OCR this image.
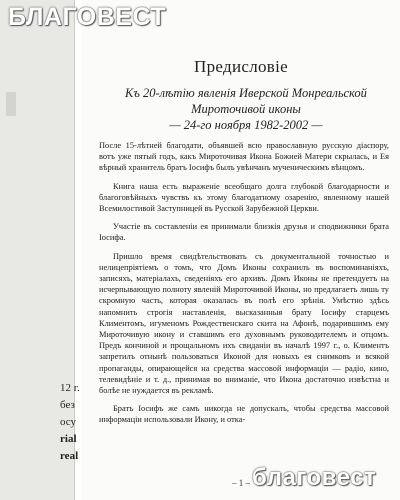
12 г.
без
осу
rial
real
Предисловіе
Къ 20-лѣтію явленія Иверской Монреальской
Мироточивой иконы
— 24-го ноября 1982-2002 —

После 15-лѣтней благодати, объявшей всю православную русскую діаспору, вотъ уже пятый годъ, какъ Мироточивая Икона Божией Матери скрылась, и Ея вѣрный хранитель братъ Іосифъ былъ увѣнчанъ мученическимъ вѣнцомъ.

Книга наша есть выраженіе всеобщаго долга глубокой благодарности и благоговѣйныхъ чувствъ къ этому благодатному озаренію, явленному нашей Всемилостивой Заступницей въ Русской Зарубежной Церкви.

Участіе въ составленіи ея принимали близкія друзья и сподвижники брата Іосифа.

Пришло время свидѣтельствовать съ документальной точностью и нелицепріятіемъ о томъ, что Домъ Иконы сохранилъ въ воспоминаніяхъ, записяхъ, матеріалахъ, сведеніяхъ его архивъ. Домъ Иконы не претендуетъ на исчерпывающую полноту явленій Мироточивой Иконы, но предлагаетъ лишь ту скромную часть, которая оказалась въ полѣ его зрѣнія. Умѣстно здѣсь напомнить строгія наставленія, высказанныя брату Іосифу старцемъ Климентомъ, игуменомъ Рождественскаго скита на Афонѣ, подарившимъ ему Мироточивую икону и ставшимъ его духовнымъ руководителемъ и отцомъ. Предъ кончиной и прощальномъ ихъ свиданіи въ началѣ 1997 г., о. Климентъ запретилъ отнынѣ пользоваться Иконой для новыхъ ея снимковъ и всякой пропаганды, опирающейся на средства массовой информаціи — радіо, кино, телевидѣніе и т. д., принимая во вниманіе, что Икона достаточно извѣстна и болѣе не нуждается въ рекламѣ.

Братъ Іосифъ же самъ никогда не допускалъ, чтобы средства массовой информаціи использовали Икону, и отка-

– 1 –
БЛАГОВЕСТ
благовест
